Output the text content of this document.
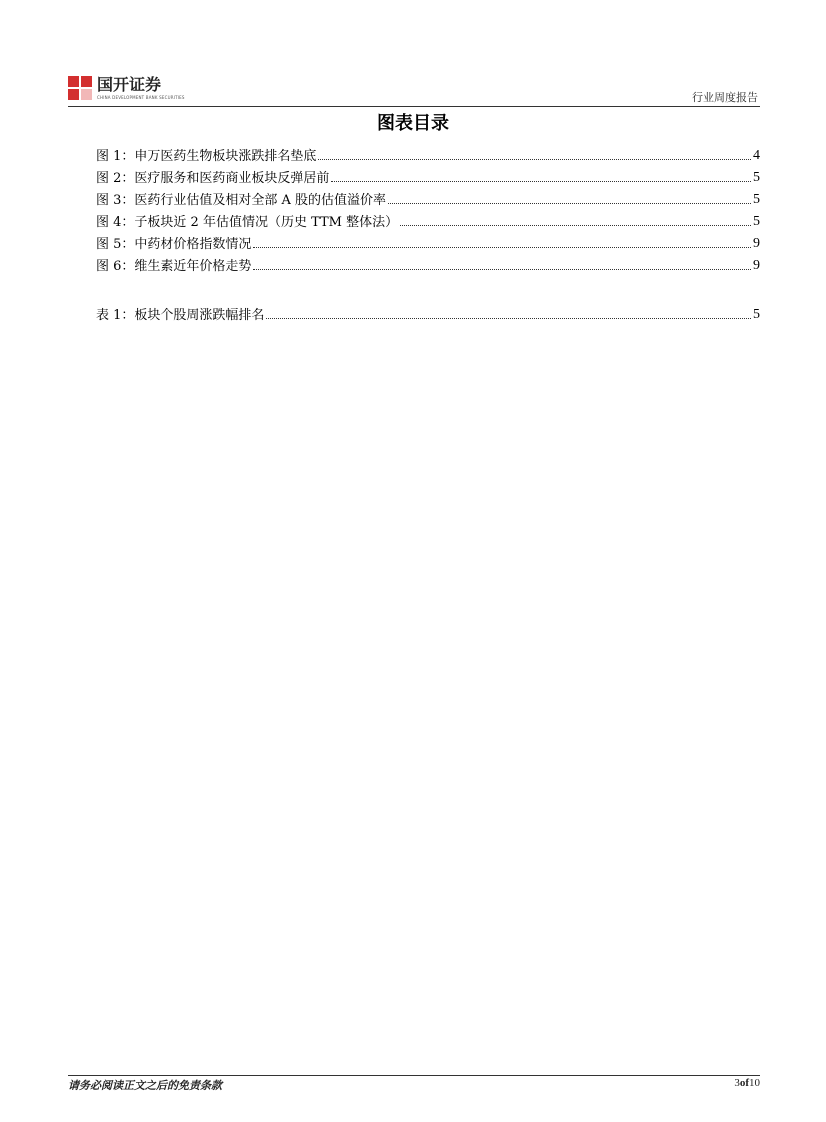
国开证券
CHINA DEVELOPMENT BANK SECURITIES	行业周度报告
图表目录
图 1：申万医药生物板块涨跌排名垫底	4
图 2：医疗服务和医药商业板块反弹居前	5
图 3：医药行业估值及相对全部 A 股的估值溢价率	5
图 4：子板块近 2 年估值情况（历史 TTM 整体法）	5
图 5：中药材价格指数情况	9
图 6：维生素近年价格走势	9
表 1：板块个股周涨跌幅排名	5
请务必阅读正文之后的免责条款	3of10
